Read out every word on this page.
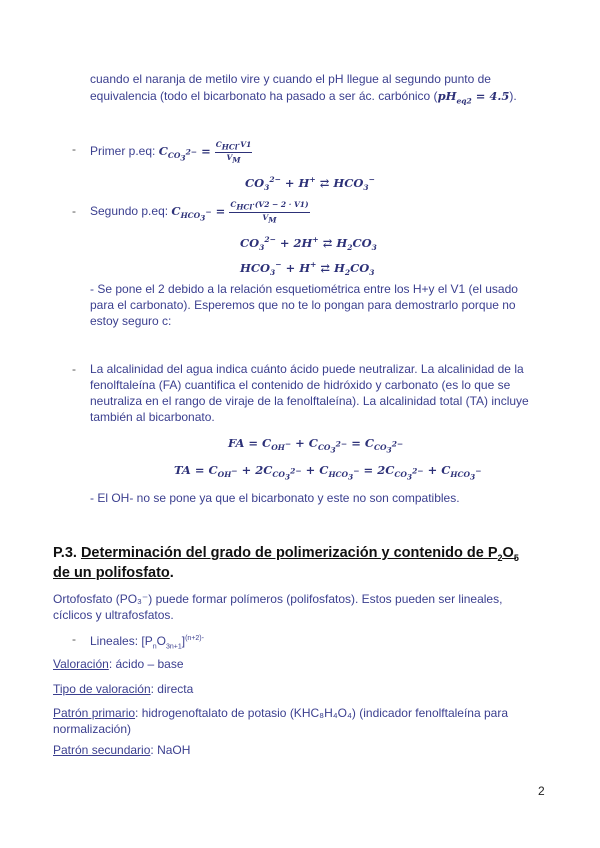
cuando el naranja de metilo vire y cuando el pH llegue al segundo punto de
equivalencia (todo el bicarbonato ha pasado a ser ác. carbónico $(pH_{eq2} = 4.5)$.
- Primer p.eq: $C_{CO_3^{2-}} = \frac{C_{HCl}\cdot V1}{V_M}$
$CO_3^{2-} + H^+$ ⇄ $HCO_3^-$
- Segundo p.eq: $C_{HCO_3^-} = \frac{C_{HCl}\cdot(V2 - 2 \cdot V1)}{V_M}$
$CO_3^{2-} + 2H^+$ ⇄ $H_2CO_3$
$HCO_3^- + H^+$ ⇄ $H_2CO_3$
- Se pone el 2 debido a la relación esquetiométrica entre los H+y el V1 (el usado
para el carbonato). Esperemos que no te lo pongan para demostrarlo porque no
estoy seguro c:
- La alcalinidad del agua indica cuánto ácido puede neutralizar. La alcalinidad de la
fenolftaleína (FA) cuantifica el contenido de hidróxido y carbonato (es lo que se
neutraliza en el rango de viraje de la fenolftaleína). La alcalinidad total (TA) incluye
también al bicarbonato.
FA = $C_{OH^-} + C_{CO_3^{2-}} = C_{CO_3^{2-}}$
TA = $C_{OH^-} + 2C_{CO_3^{2-}} + C_{HCO_3^-} = 2C_{CO_3^{2-}} + C_{HCO_3^-}$
- El OH- no se pone ya que el bicarbonato y este no son compatibles.
P.3. Determinación del grado de polimerización y contenido de $P_2O_5$
de un polifosfato.
Ortofosfato (PO₃⁻) puede formar polímeros (polifosfatos). Estos pueden ser lineales,
cíclicos y ultrafosfatos.
- Lineales: $[P_nO_{3n+1}]^{(n+2)-}$
Valoración: ácido – base
Tipo de valoración: directa
Patrón primario: hidrogenoftalato de potasio (KHC₈H₄O₄) (indicador fenolftaleína para
normalización)
Patrón secundario: NaOH
2
